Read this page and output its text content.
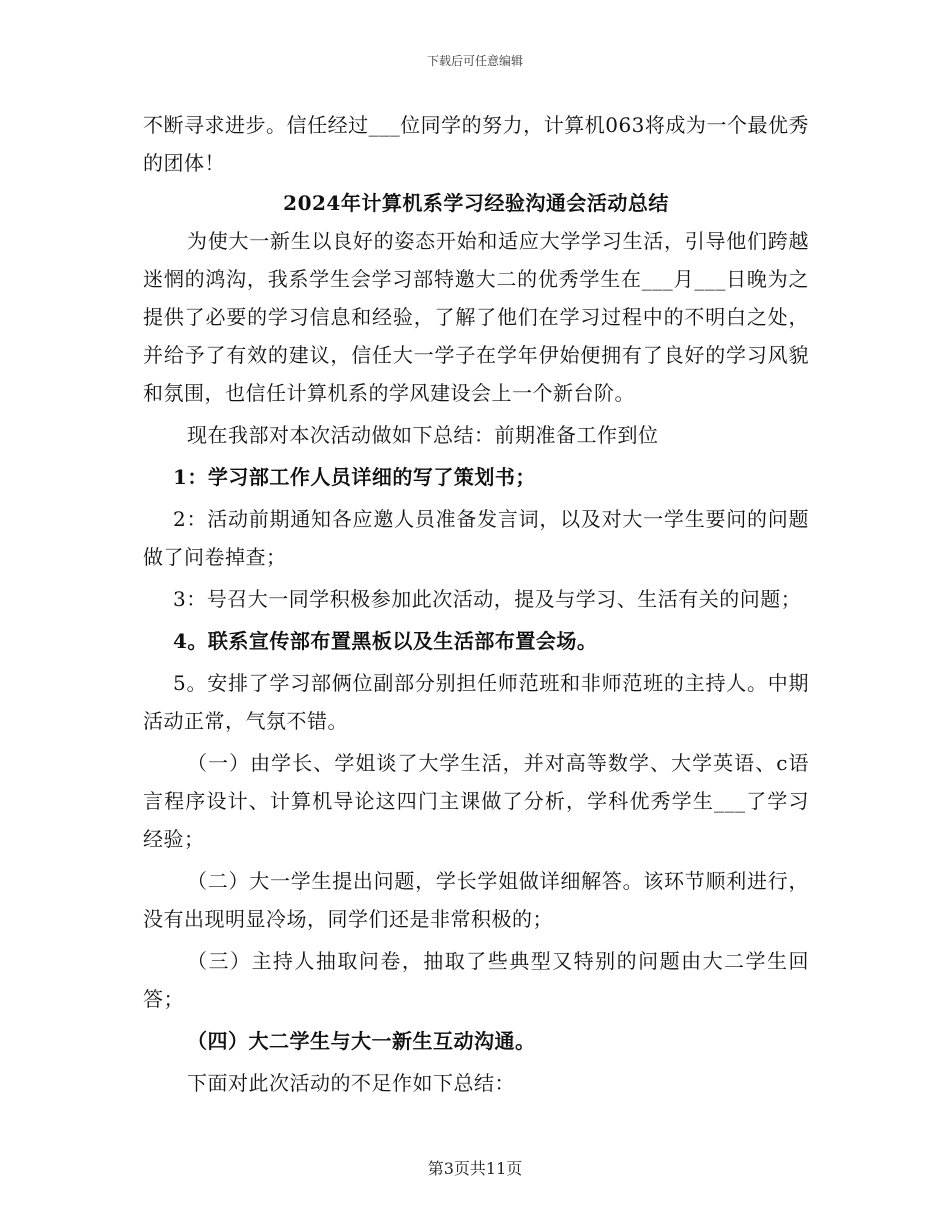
下载后可任意编辑

不断寻求进步。信任经过___位同学的努力，计算机063将成为一个最优秀的团体！

2024年计算机系学习经验沟通会活动总结

为使大一新生以良好的姿态开始和适应大学学习生活，引导他们跨越迷惘的鸿沟，我系学生会学习部特邀大二的优秀学生在___月___日晚为之提供了必要的学习信息和经验，了解了他们在学习过程中的不明白之处，并给予了有效的建议，信任大一学子在学年伊始便拥有了良好的学习风貌和氛围，也信任计算机系的学风建设会上一个新台阶。

现在我部对本次活动做如下总结：前期准备工作到位

1：学习部工作人员详细的写了策划书；

2：活动前期通知各应邀人员准备发言词，以及对大一学生要问的问题做了问卷掉查；

3：号召大一同学积极参加此次活动，提及与学习、生活有关的问题；

4。联系宣传部布置黑板以及生活部布置会场。

5。安排了学习部俩位副部分别担任师范班和非师范班的主持人。中期活动正常，气氛不错。

（一）由学长、学姐谈了大学生活，并对高等数学、大学英语、c语言程序设计、计算机导论这四门主课做了分析，学科优秀学生___了学习经验；

（二）大一学生提出问题，学长学姐做详细解答。该环节顺利进行，没有出现明显冷场，同学们还是非常积极的；

（三）主持人抽取问卷，抽取了些典型又特别的问题由大二学生回答；

（四）大二学生与大一新生互动沟通。

下面对此次活动的不足作如下总结：

第3页共11页
